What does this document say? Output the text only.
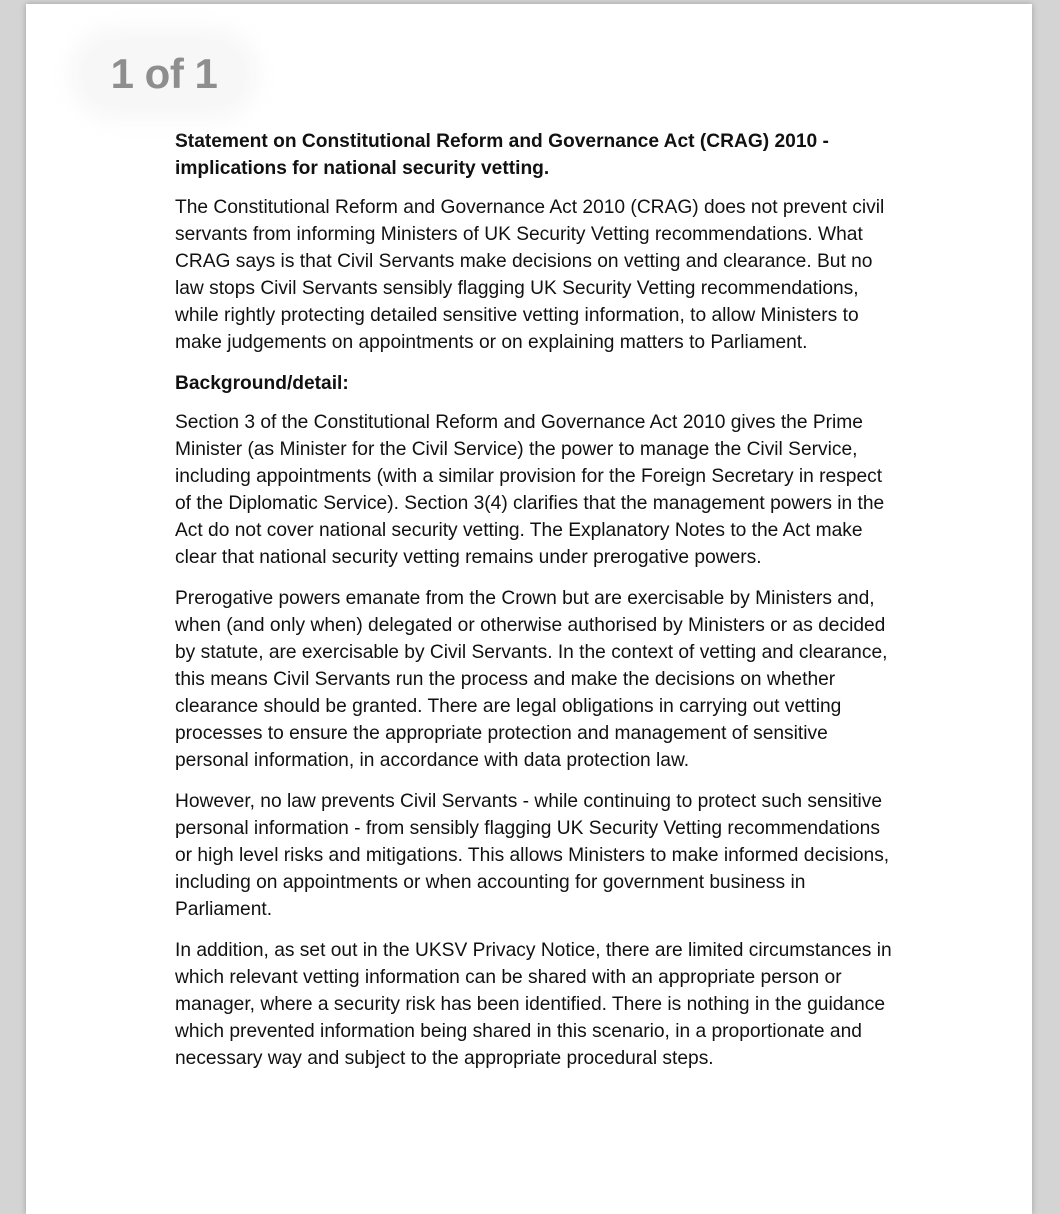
1 of 1
Statement on Constitutional Reform and Governance Act (CRAG) 2010 -
implications for national security vetting.
The Constitutional Reform and Governance Act 2010 (CRAG) does not prevent civil
servants from informing Ministers of UK Security Vetting recommendations. What
CRAG says is that Civil Servants make decisions on vetting and clearance. But no
law stops Civil Servants sensibly flagging UK Security Vetting recommendations,
while rightly protecting detailed sensitive vetting information, to allow Ministers to
make judgements on appointments or on explaining matters to Parliament.
Background/detail:
Section 3 of the Constitutional Reform and Governance Act 2010 gives the Prime
Minister (as Minister for the Civil Service) the power to manage the Civil Service,
including appointments (with a similar provision for the Foreign Secretary in respect
of the Diplomatic Service). Section 3(4) clarifies that the management powers in the
Act do not cover national security vetting. The Explanatory Notes to the Act make
clear that national security vetting remains under prerogative powers.
Prerogative powers emanate from the Crown but are exercisable by Ministers and,
when (and only when) delegated or otherwise authorised by Ministers or as decided
by statute, are exercisable by Civil Servants. In the context of vetting and clearance,
this means Civil Servants run the process and make the decisions on whether
clearance should be granted. There are legal obligations in carrying out vetting
processes to ensure the appropriate protection and management of sensitive
personal information, in accordance with data protection law.
However, no law prevents Civil Servants - while continuing to protect such sensitive
personal information - from sensibly flagging UK Security Vetting recommendations
or high level risks and mitigations. This allows Ministers to make informed decisions,
including on appointments or when accounting for government business in
Parliament.
In addition, as set out in the UKSV Privacy Notice, there are limited circumstances in
which relevant vetting information can be shared with an appropriate person or
manager, where a security risk has been identified. There is nothing in the guidance
which prevented information being shared in this scenario, in a proportionate and
necessary way and subject to the appropriate procedural steps.
